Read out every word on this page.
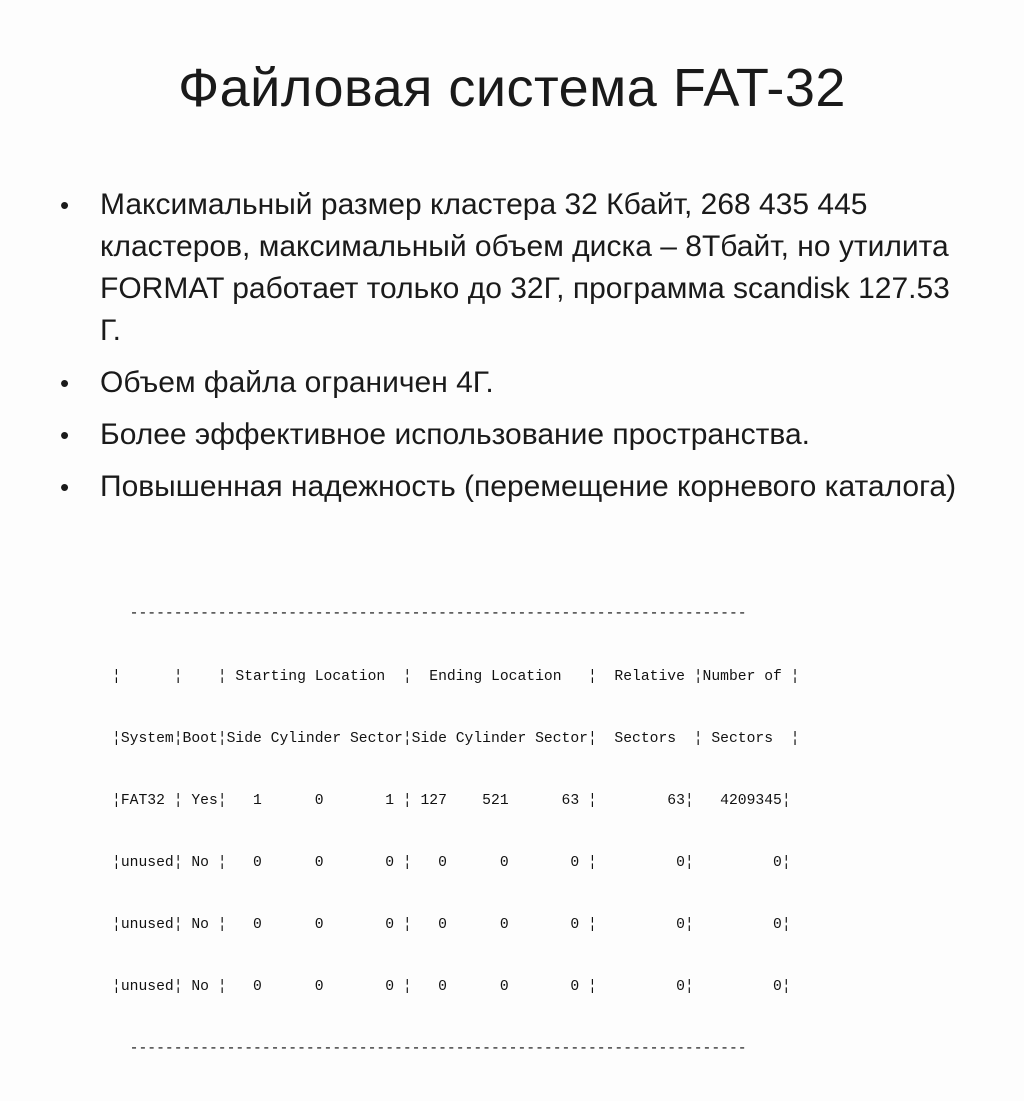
Файловая система FAT-32
• Максимальный размер кластера 32 Кбайт, 268 435 445 кластеров, максимальный объем диска – 8Тбайт, но утилита FORMAT работает только до 32Г, программа scandisk 127.53 Г.
• Объем файла ограничен 4Г.
• Более эффективное использование пространства.
• Повышенная надежность (перемещение корневого каталога)

----------------------------------------------------------------------

¦      ¦    ¦ Starting Location  ¦  Ending Location   ¦  Relative ¦Number of ¦

¦System¦Boot¦Side Cylinder Sector¦Side Cylinder Sector¦  Sectors  ¦ Sectors  ¦

¦FAT32 ¦ Yes¦   1      0       1 ¦ 127    521      63 ¦        63¦   4209345¦

¦unused¦ No ¦   0      0       0 ¦   0      0       0 ¦         0¦         0¦

¦unused¦ No ¦   0      0       0 ¦   0      0       0 ¦         0¦         0¦

¦unused¦ No ¦   0      0       0 ¦   0      0       0 ¦         0¦         0¦

----------------------------------------------------------------------
